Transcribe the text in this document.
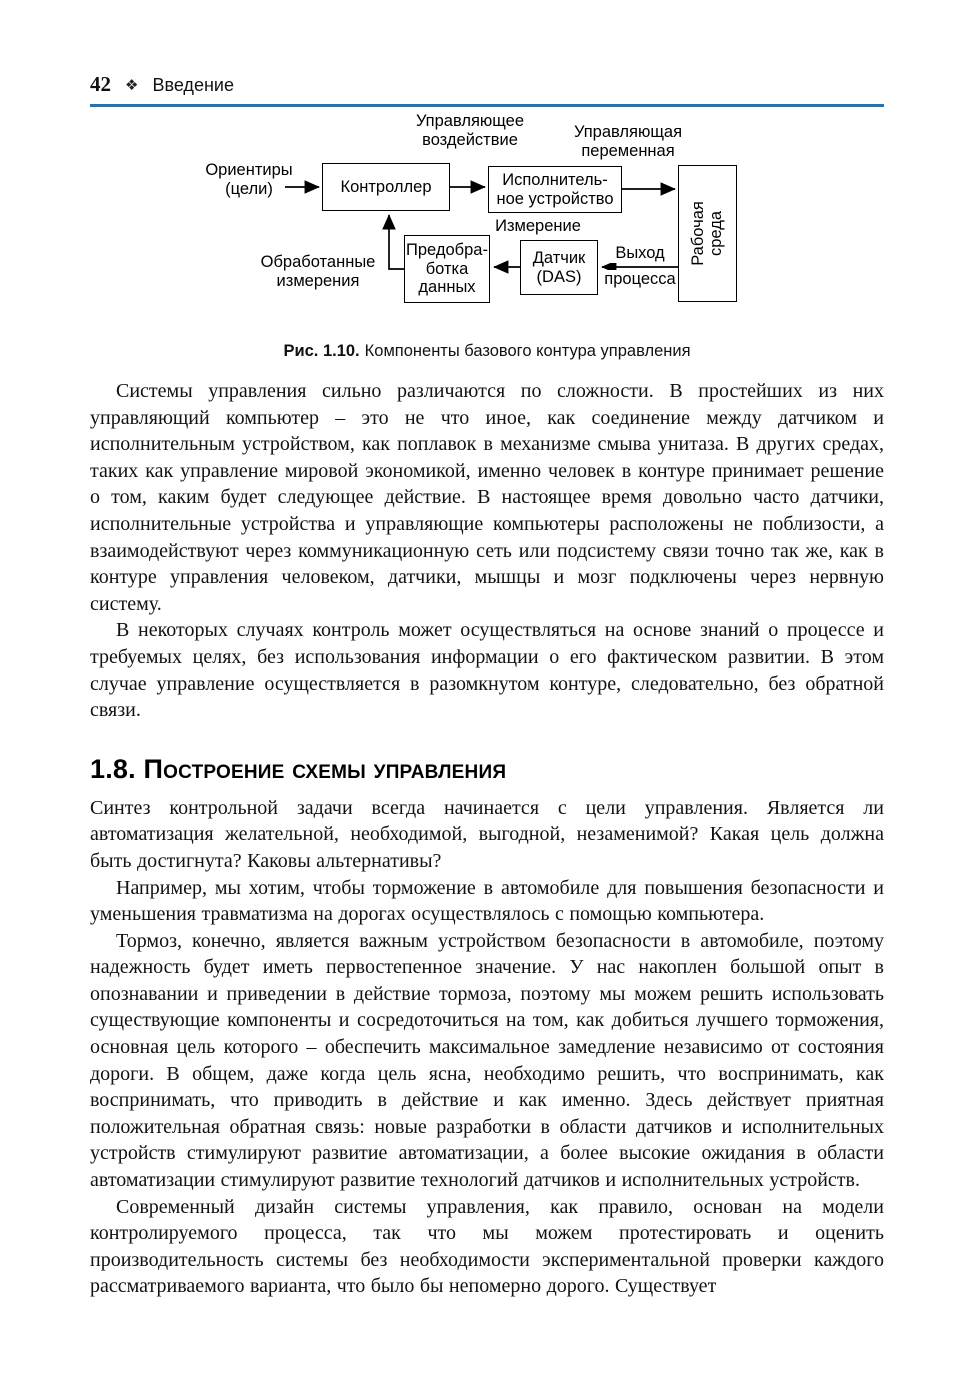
42 ❖ Введение
Управляющее
воздействие	Управляющая
переменная
Ориентиры
(цели)
Измерение
Выход
процесса
Обработанные
измерения
Контроллер	Исполнитель-
ное устройство
Рабочая среда
Датчик
(DAS)
Предобра-
ботка
данных
Рис. 1.10. Компоненты базового контура управления

Системы управления сильно различаются по сложности. В простейших из них управляющий компьютер – это не что иное, как соединение между датчиком и исполнительным устройством, как поплавок в механизме смыва унитаза. В других средах, таких как управление мировой экономикой, именно человек в контуре принимает решение о том, каким будет следующее действие. В настоящее время довольно часто датчики, исполнительные устройства и управляющие компьютеры расположены не поблизости, а взаимодействуют через коммуникационную сеть или подсистему связи точно так же, как в контуре управления человеком, датчики, мышцы и мозг подключены через нервную систему.

В некоторых случаях контроль может осуществляться на основе знаний о процессе и требуемых целях, без использования информации о его фактическом развитии. В этом случае управление осуществляется в разомкнутом контуре, следовательно, без обратной связи.

1.8. Построение схемы управления

Синтез контрольной задачи всегда начинается с цели управления. Является ли автоматизация желательной, необходимой, выгодной, незаменимой? Какая цель должна быть достигнута? Каковы альтернативы?

Например, мы хотим, чтобы торможение в автомобиле для повышения безопасности и уменьшения травматизма на дорогах осуществлялось с помощью компьютера.

Тормоз, конечно, является важным устройством безопасности в автомобиле, поэтому надежность будет иметь первостепенное значение. У нас накоплен большой опыт в опознавании и приведении в действие тормоза, поэтому мы можем решить использовать существующие компоненты и сосредоточиться на том, как добиться лучшего торможения, основная цель которого – обеспечить максимальное замедление независимо от состояния дороги. В общем, даже когда цель ясна, необходимо решить, что воспринимать, как воспринимать, что приводить в действие и как именно. Здесь действует приятная положительная обратная связь: новые разработки в области датчиков и исполнительных устройств стимулируют развитие автоматизации, а более высокие ожидания в области автоматизации стимулируют развитие технологий датчиков и исполнительных устройств.

Современный дизайн системы управления, как правило, основан на модели контролируемого процесса, так что мы можем протестировать и оценить производительность системы без необходимости экспериментальной проверки каждого рассматриваемого варианта, что было бы непомерно дорого. Существует
